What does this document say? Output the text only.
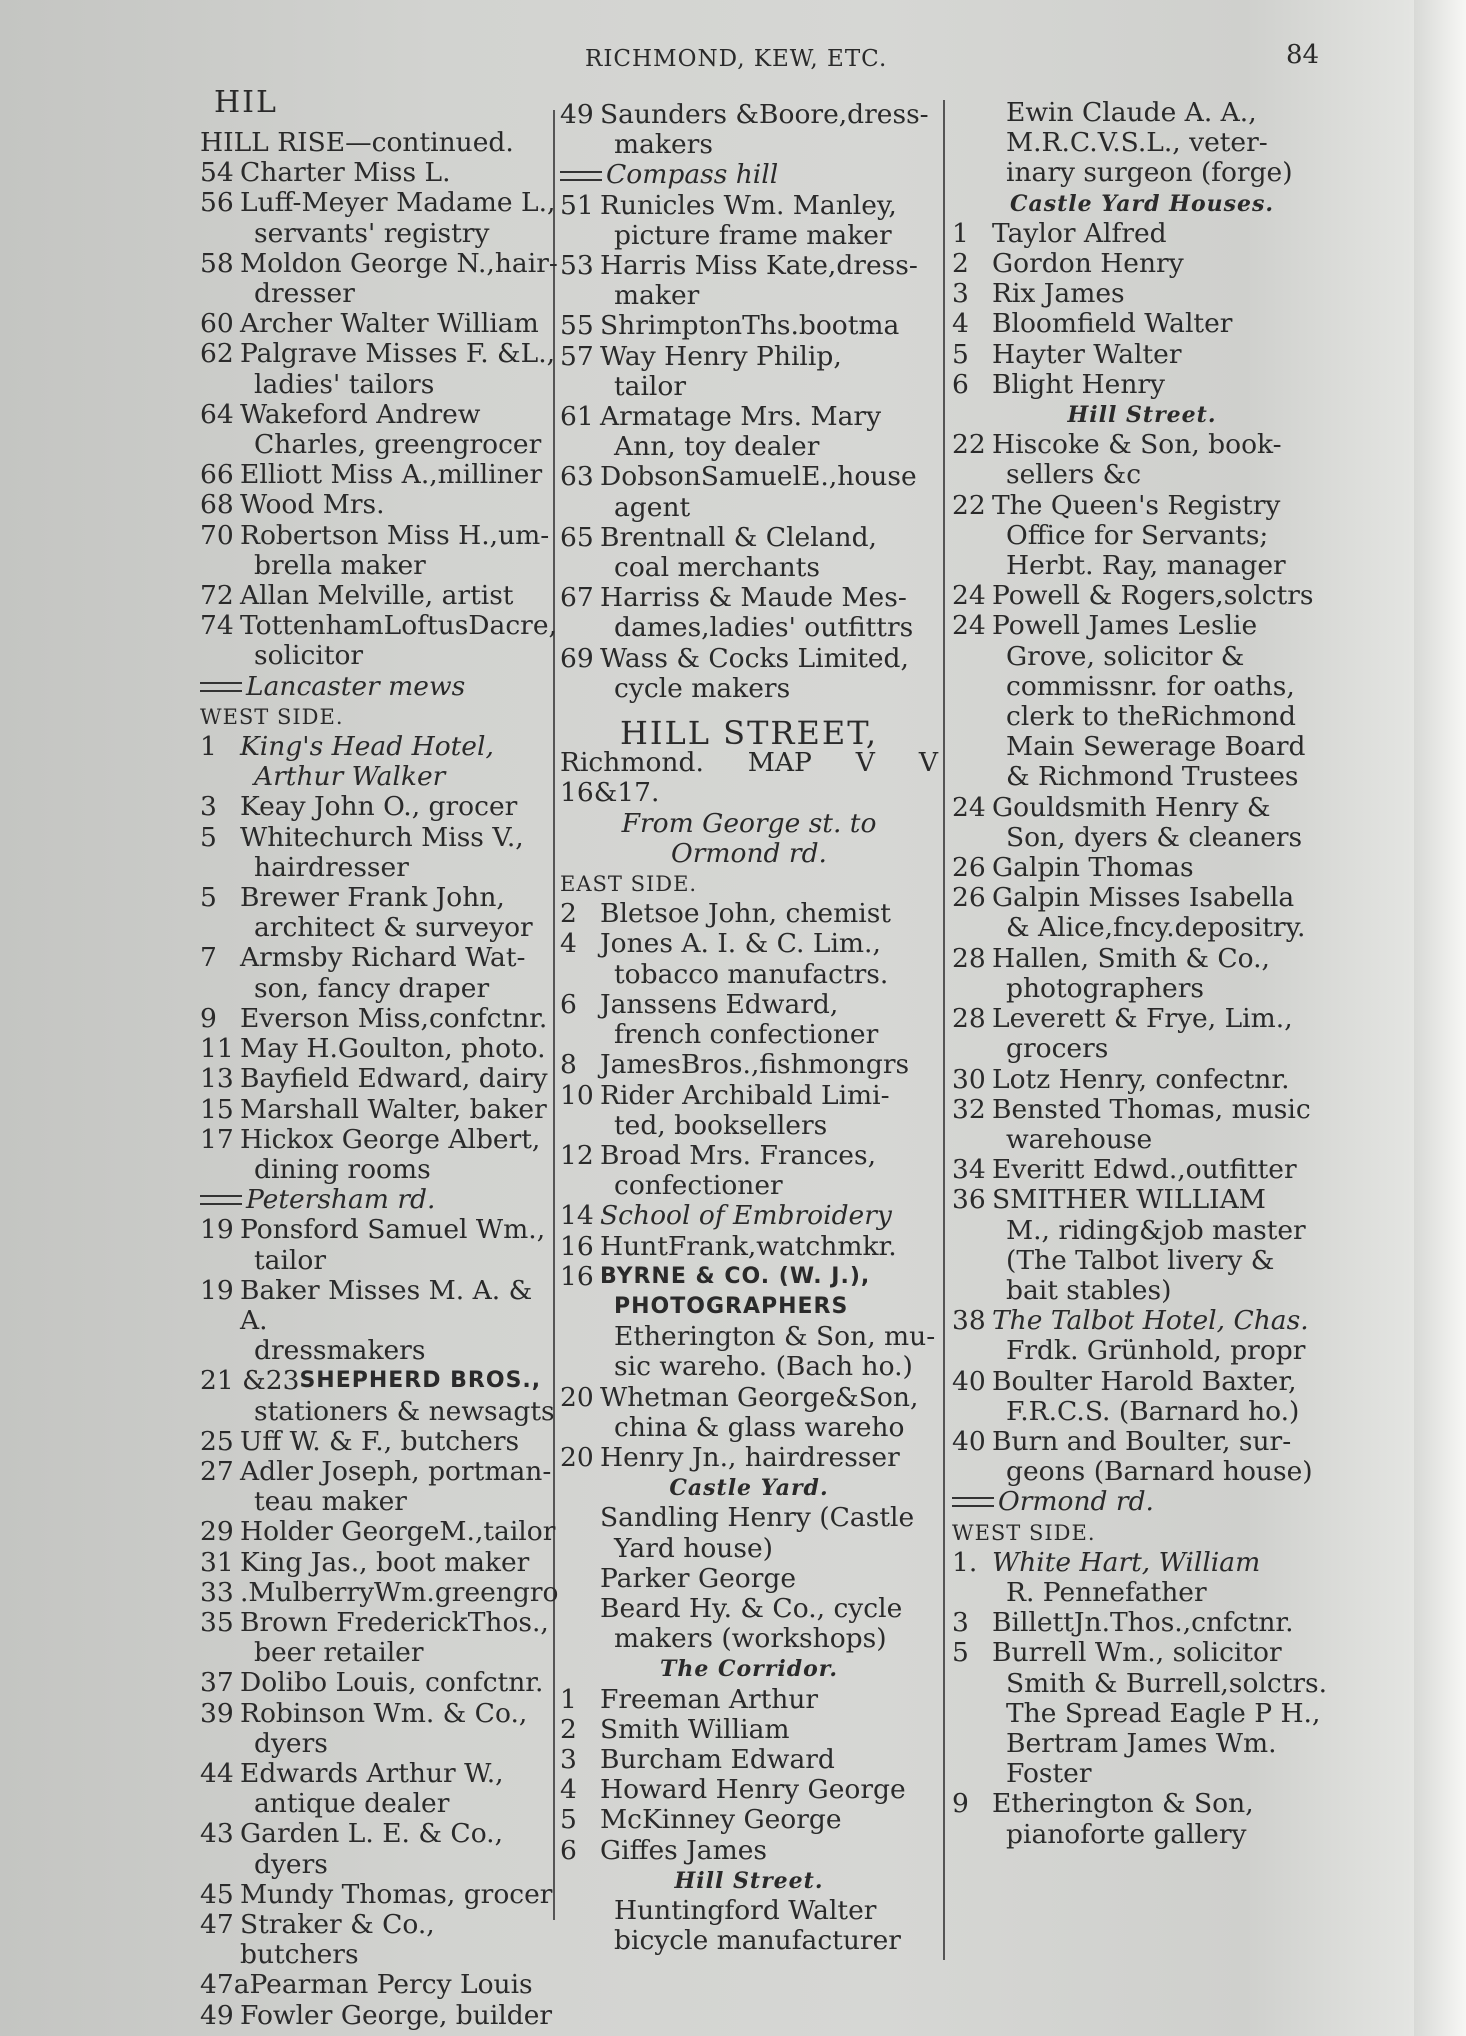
RICHMOND, KEW, ETC.	84
HIL
HILL RISE—continued.
54 Charter Miss L.
56 Luff-Meyer Madame L.,
servants' registry
58 Moldon George N.,hair-
dresser
60 Archer Walter William
62 Palgrave Misses F. &L.,
ladies' tailors
64 Wakeford Andrew
Charles, greengrocer
66 Elliott Miss A.,milliner
68 Wood Mrs.
70 Robertson Miss H.,um-
brella maker
72 Allan Melville, artist
74 TottenhamLoftusDacre,
solicitor
Lancaster mews
WEST SIDE.
1 King's Head Hotel,
Arthur Walker
3 Keay John O., grocer
5 Whitechurch Miss V.,
hairdresser
5 Brewer Frank John,
architect & surveyor
7 Armsby Richard Wat-
son, fancy draper
9 Everson Miss,confctnr.
11 May H.Goulton, photo.
13 Bayfield Edward, dairy
15 Marshall Walter, baker
17 Hickox George Albert,
dining rooms
Petersham rd.
19 Ponsford Samuel Wm.,
tailor
19 Baker Misses M. A. & A.
dressmakers
21 &23 SHEPHERD BROS.,
stationers & newsagts
25 Uff W. & F., butchers
27 Adler Joseph, portman-
teau maker
29 Holder GeorgeM.,tailor
31 King Jas., boot maker
33 .MulberryWm.greengro
35 Brown FrederickThos.,
beer retailer
37 Dolibo Louis, confctnr.
39 Robinson Wm. & Co.,
dyers
44 Edwards Arthur W.,
antique dealer
43 Garden L. E. & Co.,
dyers
45 Mundy Thomas, grocer
47 Straker & Co., butchers
47a Pearman Percy Louis
49 Fowler George, builder
49 Saunders &Boore,dress-
makers
Compass hill
51 Runicles Wm. Manley,
picture frame maker
53 Harris Miss Kate,dress-
maker
55 ShrimptonThs.bootma
57 Way Henry Philip,
tailor
61 Armatage Mrs. Mary
Ann, toy dealer
63 DobsonSamuelE.,house
agent
65 Brentnall & Cleland,
coal merchants
67 Harriss & Maude Mes-
dames,ladies' outfittrs
69 Wass & Cocks Limited,
cycle makers
HILL STREET,
Richmond. MAP V V 16&17.
From George st. to
Ormond rd.
EAST SIDE.
2 Bletsoe John, chemist
4 Jones A. I. & C. Lim.,
tobacco manufactrs.
6 Janssens Edward,
french confectioner
8 JamesBros.,fishmongrs
10 Rider Archibald Limi-
ted, booksellers
12 Broad Mrs. Frances,
confectioner
14 School of Embroidery
16 HuntFrank,watchmkr.
16 BYRNE & CO. (W. J.),
PHOTOGRAPHERS
Etherington & Son, mu-
sic wareho. (Bach ho.)
20 Whetman George&Son,
china & glass wareho
20 Henry Jn., hairdresser
Castle Yard.
Sandling Henry (Castle
Yard house)
Parker George
Beard Hy. & Co., cycle
makers (workshops)
The Corridor.
1 Freeman Arthur
2 Smith William
3 Burcham Edward
4 Howard Henry George
5 McKinney George
6 Giffes James
Hill Street.
Huntingford Walter
bicycle manufacturer
Ewin Claude A. A.,
M.R.C.V.S.L., veter-
inary surgeon (forge)
Castle Yard Houses.
1 Taylor Alfred
2 Gordon Henry
3 Rix James
4 Bloomfield Walter
5 Hayter Walter
6 Blight Henry
Hill Street.
22 Hiscoke & Son, book-
sellers &c
22 The Queen's Registry
Office for Servants;
Herbt. Ray, manager
24 Powell & Rogers,solctrs
24 Powell James Leslie
Grove, solicitor &
commissnr. for oaths,
clerk to theRichmond
Main Sewerage Board
& Richmond Trustees
24 Gouldsmith Henry &
Son, dyers & cleaners
26 Galpin Thomas
26 Galpin Misses Isabella
& Alice,fncy.depositry.
28 Hallen, Smith & Co.,
photographers
28 Leverett & Frye, Lim.,
grocers
30 Lotz Henry, confectnr.
32 Bensted Thomas, music
warehouse
34 Everitt Edwd.,outfitter
36 SMITHER WILLIAM
M., riding&job master
(The Talbot livery &
bait stables)
38 The Talbot Hotel, Chas.
Frdk. Grünhold, propr
40 Boulter Harold Baxter,
F.R.C.S. (Barnard ho.)
40 Burn and Boulter, sur-
geons (Barnard house)
Ormond rd.
WEST SIDE.
1. White Hart, William
R. Pennefather
3 BillettJn.Thos.,cnfctnr.
5 Burrell Wm., solicitor
Smith & Burrell,solctrs.
The Spread Eagle P H.,
Bertram James Wm.
Foster
9 Etherington & Son,
pianoforte gallery
